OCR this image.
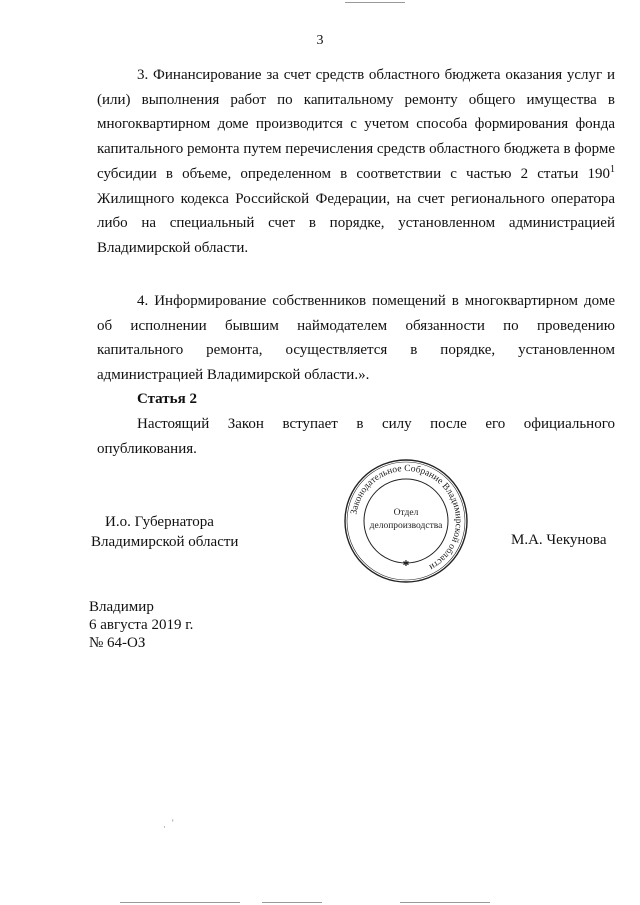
3

3. Финансирование за счет средств областного бюджета оказания услуг и (или) выполнения работ по капитальному ремонту общего имущества в многоквартирном доме производится с учетом способа формирования фонда капитального ремонта путем перечисления средств областного бюджета в форме субсидии в объеме, определенном в соответствии с частью 2 статьи $190^1$ Жилищного кодекса Российской Федерации, на счет регионального оператора либо на специальный счет в порядке, установленном администрацией Владимирской области.

4. Информирование собственников помещений в многоквартирном доме об исполнении бывшим наймодателем обязанности по проведению капитального ремонта, осуществляется в порядке, установленном администрацией Владимирской области.».

Статья 2

Настоящий Закон вступает в силу после его официального опубликования.

И.о. Губернатора
Владимирской области
Законодательное Собрание Владимирской области
✱
Отдел
делопроизводства
М.А. Чекунова
Владимир
6 августа 2019 г.
№ 64-ОЗ
· '
